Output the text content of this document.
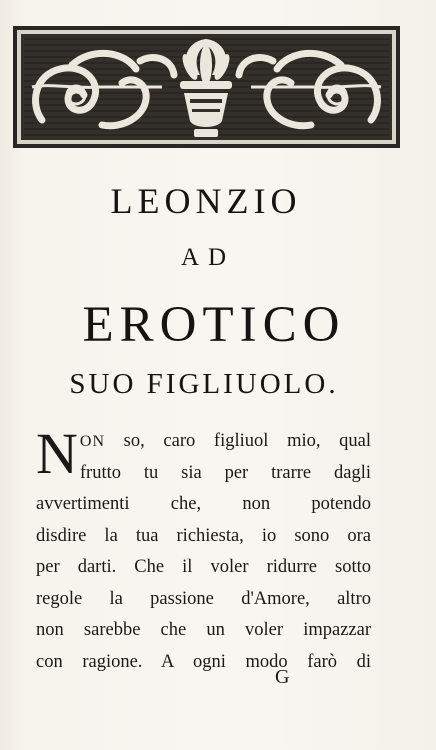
LEONZIO
AD
EROTICO
SUO FIGLIUOLO.
N ON so, caro figliuol mio, qual
frutto tu sia per trarre dagli
avvertimenti che, non potendo
disdire la tua richiesta, io sono ora
per darti. Che il voler ridurre sotto
regole la passione d'Amore, altro
non sarebbe che un voler impazzar
con ragione. A ogni modo farò di
G
